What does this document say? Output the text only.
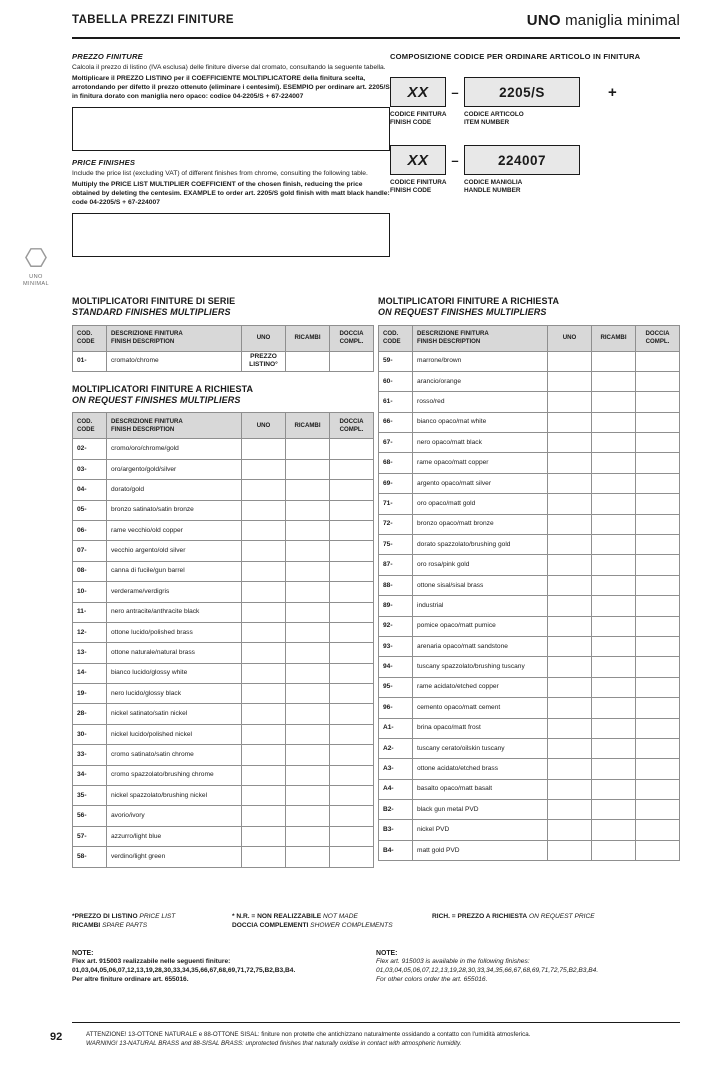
TABELLA PREZZI FINITURE	UNO maniglia minimal
PREZZO FINITURE
Calcola il prezzo di listino (IVA esclusa) delle finiture diverse dal cromato, consultando la seguente tabella.
Moltiplicare il PREZZO LISTINO per il COEFFICIENTE MOLTIPLICATORE della finitura scelta, arrotondando per difetto il prezzo ottenuto (eliminare i centesimi). ESEMPIO per ordinare art. 2205/S in finitura dorato con maniglia nero opaco: codice 04-2205/S + 67-224007
PRICE FINISHES
Include the price list (excluding VAT) of different finishes from chrome, consulting the following table.
Multiply the PRICE LIST MULTIPLIER COEFFICIENT of the chosen finish, reducing the price obtained by deleting the centesim. EXAMPLE to order art. 2205/S gold finish with matt black handle: code 04-2205/S + 67-224007
COMPOSIZIONE CODICE PER ORDINARE ARTICOLO IN FINITURA
XX	–	2205/S	+
CODICE FINITURA
FINISH CODE
CODICE ARTICOLO
ITEM NUMBER
XX	–	224007
CODICE FINITURA
FINISH CODE
CODICE MANIGLIA
HANDLE NUMBER
⎔
UNO
MINIMAL
MOLTIPLICATORI FINITURE DI SERIE
STANDARD FINISHES MULTIPLIERS
COD.
CODE	DESCRIZIONE FINITURA
FINISH DESCRIPTION	UNO	RICAMBI	DOCCIA
COMPL.
01-	cromato/chrome	PREZZO LISTINO°		
MOLTIPLICATORI FINITURE A RICHIESTA
ON REQUEST FINISHES MULTIPLIERS
COD.
CODE	DESCRIZIONE FINITURA
FINISH DESCRIPTION	UNO	RICAMBI	DOCCIA
COMPL.
02-	cromo/oro/chrome/gold			
03-	oro/argento/gold/silver			
04-	dorato/gold			
05-	bronzo satinato/satin bronze			
06-	rame vecchio/old copper			
07-	vecchio argento/old silver			
08-	canna di fucile/gun barrel			
10-	verderame/verdigris			
11-	nero antracite/anthracite black			
12-	ottone lucido/polished brass			
13-	ottone naturale/natural brass			
14-	bianco lucido/glossy white			
19-	nero lucido/glossy black			
28-	nickel satinato/satin nickel			
30-	nickel lucido/polished nickel			
33-	cromo satinato/satin chrome			
34-	cromo spazzolato/brushing chrome			
35-	nickel spazzolato/brushing nickel			
56-	avorio/ivory			
57-	azzurro/light blue			
58-	verdino/light green			
MOLTIPLICATORI FINITURE A RICHIESTA
ON REQUEST FINISHES MULTIPLIERS
COD.
CODE	DESCRIZIONE FINITURA
FINISH DESCRIPTION	UNO	RICAMBI	DOCCIA
COMPL.
59-	marrone/brown			
60-	arancio/orange			
61-	rosso/red			
66-	bianco opaco/mat white			
67-	nero opaco/matt black			
68-	rame opaco/matt copper			
69-	argento opaco/matt silver			
71-	oro opaco/matt gold			
72-	bronzo opaco/matt bronze			
75-	dorato spazzolato/brushing gold			
87-	oro rosa/pink gold			
88-	ottone sisal/sisal brass			
89-	industrial			
92-	pomice opaco/matt pumice			
93-	arenaria opaco/matt sandstone			
94-	tuscany spazzolato/brushing tuscany			
95-	rame acidato/etched copper			
96-	cemento opaco/matt cement			
A1-	brina opaco/matt frost			
A2-	tuscany cerato/oilskin tuscany			
A3-	ottone acidato/etched brass			
A4-	basalto opaco/matt basalt			
B2-	black gun metal PVD			
B3-	nickel PVD			
B4-	matt gold PVD			
*PREZZO DI LISTINO PRICE LIST	* N.R. = NON REALIZZABILE NOT MADE	RICH. = PREZZO A RICHIESTA ON REQUEST PRICE
RICAMBI SPARE PARTS	DOCCIA COMPLEMENTI SHOWER COMPLEMENTS
NOTE:

Flex art. 915003 realizzabile nelle seguenti finiture:

01,03,04,05,06,07,12,13,19,28,30,33,34,35,66,67,68,69,71,72,75,B2,B3,B4.

Per altre finiture ordinare art. 655016.

NOTE:

Flex art. 915003 is available in the following finishes:

01,03,04,05,06,07,12,13,19,28,30,33,34,35,66,67,68,69,71,72,75,B2,B3,B4.

For other colors order the art. 655016.

92	ATTENZIONE! 13-OTTONE NATURALE e 88-OTTONE SISAL: finiture non protette che antichizzano naturalmente ossidando a contatto con l'umidità atmosferica.
WARNING! 13-NATURAL BRASS and 88-SISAL BRASS: unprotected finishes that naturally oxidise in contact with atmospheric humidity.
